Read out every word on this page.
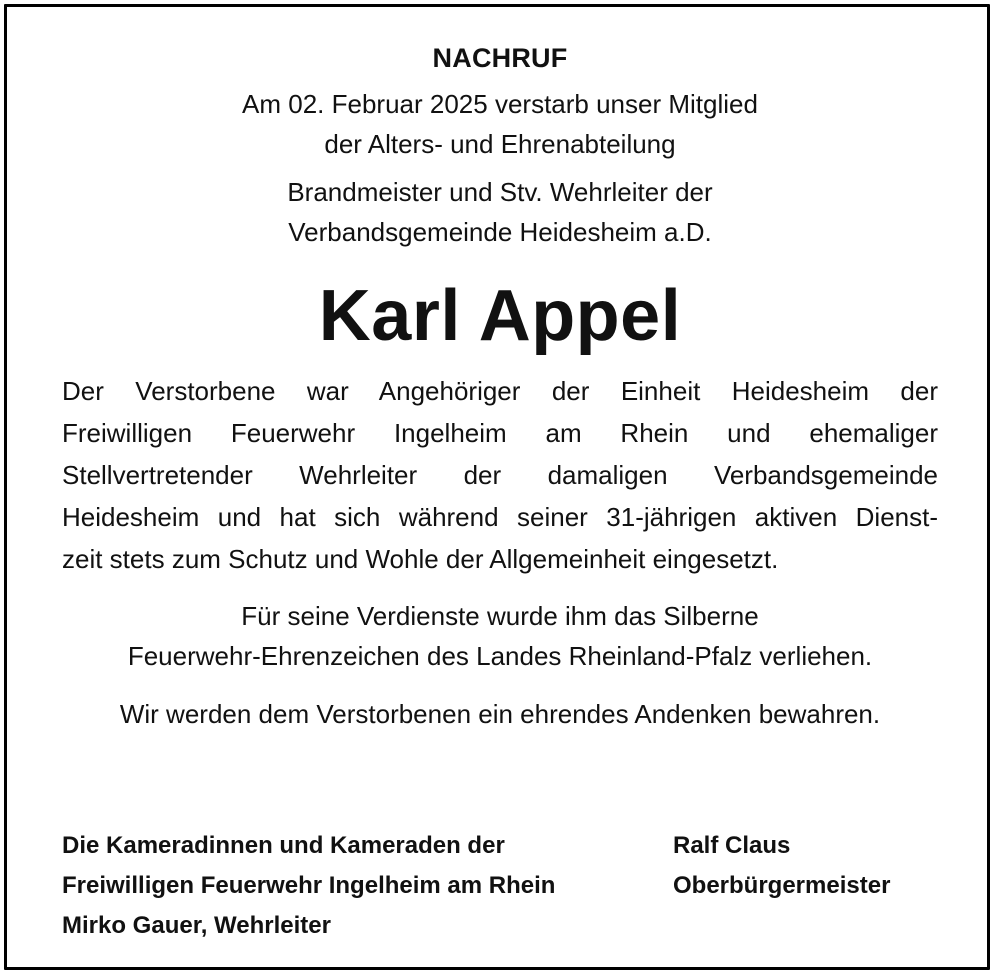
NACHRUF

Am 02. Februar 2025 verstarb unser Mitglied

der Alters- und Ehrenabteilung

Brandmeister und Stv. Wehrleiter der

Verbandsgemeinde Heidesheim a.D.

Karl Appel
Der Verstorbene war Angehöriger der Einheit Heidesheim der
Freiwilligen Feuerwehr Ingelheim am Rhein und ehemaliger
Stellvertretender Wehrleiter der damaligen Verbandsgemeinde
Heidesheim und hat sich während seiner 31-jährigen aktiven Dienst-
zeit stets zum Schutz und Wohle der Allgemeinheit eingesetzt.

Für seine Verdienste wurde ihm das Silberne

Feuerwehr-Ehrenzeichen des Landes Rheinland-Pfalz verliehen.

Wir werden dem Verstorbenen ein ehrendes Andenken bewahren.

Die Kameradinnen und Kameraden der
Freiwilligen Feuerwehr Ingelheim am Rhein
Mirko Gauer, Wehrleiter
Ralf Claus
Oberbürgermeister
